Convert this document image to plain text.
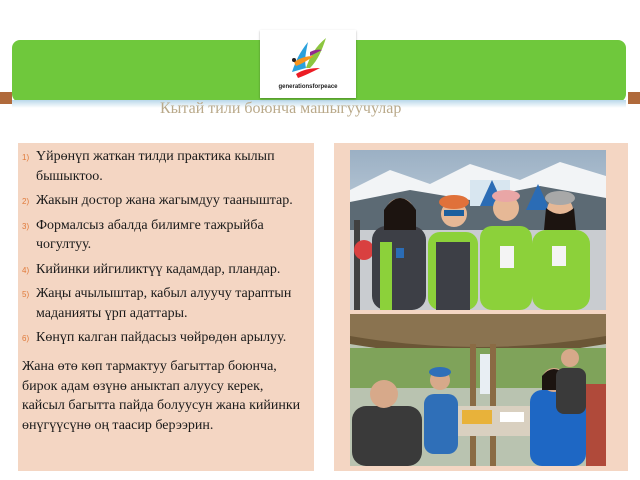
generationsforpeace
Кытай тили боюнча машыгуучулар
1) Үйрөнүп жаткан тилди практика кылып бышыктоо.
2) Жакын достор жана жагымдуу тааныштар.
3) Формалсыз абалда билимге тажрыйба чогултуу.
4) Кийинки ийгиликтүү кадамдар, пландар.
5) Жаңы ачылыштар, кабыл алуучу тараптын маданияты үрп адаттары.
6) Көнүп калган пайдасыз чөйрөдөн арылуу.

Жана өтө көп тармактуу багыттар боюнча, бирок адам өзүнө аныктап алуусу керек, кайсыл багытта пайда болуусун жана кийинки өнүгүүсүнө оң таасир берээрин.
